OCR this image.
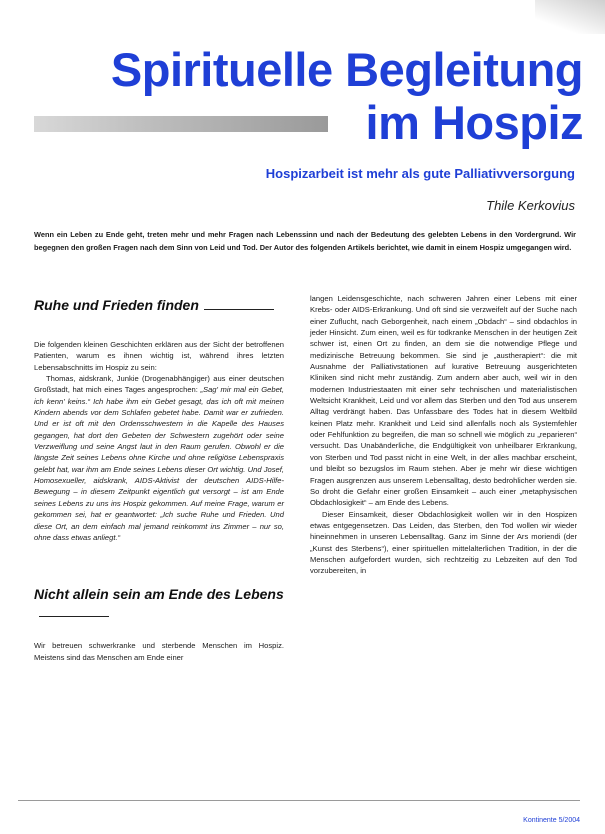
Spirituelle Begleitung
im Hospiz
Hospizarbeit ist mehr als gute Palliativversorgung
Thile Kerkovius

Wenn ein Leben zu Ende geht, treten mehr und mehr Fragen nach Lebenssinn und nach der Bedeutung des gelebten Lebens in den Vordergrund. Wir begegnen den großen Fragen nach dem Sinn von Leid und Tod. Der Autor des folgenden Artikels berichtet, wie damit in einem Hospiz umgegangen wird.

Ruhe und Frieden finden

Die folgenden kleinen Geschichten erklären aus der Sicht der betroffenen Patienten, warum es ihnen wichtig ist, während ihres letzten Lebensabschnitts im Hospiz zu sein:

Thomas, aidskrank, Junkie (Drogenabhängiger) aus einer deutschen Großstadt, hat mich eines Tages angesprochen: „Sag' mir mal ein Gebet, ich kenn' keins.“ Ich habe ihm ein Gebet gesagt, das ich oft mit meinen Kindern abends vor dem Schlafen gebetet habe. Damit war er zufrieden. Und er ist oft mit den Ordensschwestern in die Kapelle des Hauses gegangen, hat dort den Gebeten der Schwestern zugehört oder seine Verzweiflung und seine Angst laut in den Raum gerufen. Obwohl er die längste Zeit seines Lebens ohne Kirche und ohne religiöse Lebenspraxis gelebt hat, war ihm am Ende seines Lebens dieser Ort wichtig. Und Josef, Homosexueller, aidskrank, AIDS-Aktivist der deutschen AIDS-Hilfe-Bewegung – in diesem Zeitpunkt eigentlich gut versorgt – ist am Ende seines Lebens zu uns ins Hospiz gekommen. Auf meine Frage, warum er gekommen sei, hat er geantwortet: „Ich suche Ruhe und Frieden. Und diese Ort, an dem einfach mal jemand reinkommt ins Zimmer – nur so, ohne dass etwas anliegt.“

Nicht allein sein am Ende des Lebens

Wir betreuen schwerkranke und sterbende Menschen im Hospiz. Meistens sind das Menschen am Ende einer

langen Leidensgeschichte, nach schweren Jahren einer Lebens mit einer Krebs- oder AIDS-Erkrankung. Und oft sind sie verzweifelt auf der Suche nach einer Zuflucht, nach Geborgenheit, nach einem „Obdach“ – sind obdachlos in jeder Hinsicht. Zum einen, weil es für todkranke Menschen in der heutigen Zeit schwer ist, einen Ort zu finden, an dem sie die notwendige Pflege und medizinische Betreuung bekommen. Sie sind je „austherapiert“: die mit Ausnahme der Palliativstationen auf kurative Betreuung ausgerichteten Kliniken sind nicht mehr zuständig. Zum andern aber auch, weil wir in den modernen Industriestaaten mit einer sehr technischen und materialistischen Weltsicht Krankheit, Leid und vor allem das Sterben und den Tod aus unserem Alltag verdrängt haben. Das Unfassbare des Todes hat in diesem Weltbild keinen Platz mehr. Krankheit und Leid sind allenfalls noch als Systemfehler oder Fehlfunktion zu begreifen, die man so schnell wie möglich zu „reparieren“ versucht. Das Unabänderliche, die Endgültigkeit von unheilbarer Erkrankung, von Sterben und Tod passt nicht in eine Welt, in der alles machbar erscheint, und bleibt so bezugslos im Raum stehen. Aber je mehr wir diese wichtigen Fragen ausgrenzen aus unserem Lebensalltag, desto bedrohlicher werden sie. So droht die Gefahr einer großen Einsamkeit – auch einer „metaphysischen Obdachlosigkeit“ – am Ende des Lebens.

Dieser Einsamkeit, dieser Obdachlosigkeit wollen wir in den Hospizen etwas entgegensetzen. Das Leiden, das Sterben, den Tod wollen wir wieder hineinnehmen in unseren Lebensalltag. Ganz im Sinne der Ars moriendi (der „Kunst des Sterbens“), einer spirituellen mittelalterlichen Tradition, in der die Menschen aufgefordert wurden, sich rechtzeitig zu Lebzeiten auf den Tod vorzubereiten, in

Kontinente 5/2004
